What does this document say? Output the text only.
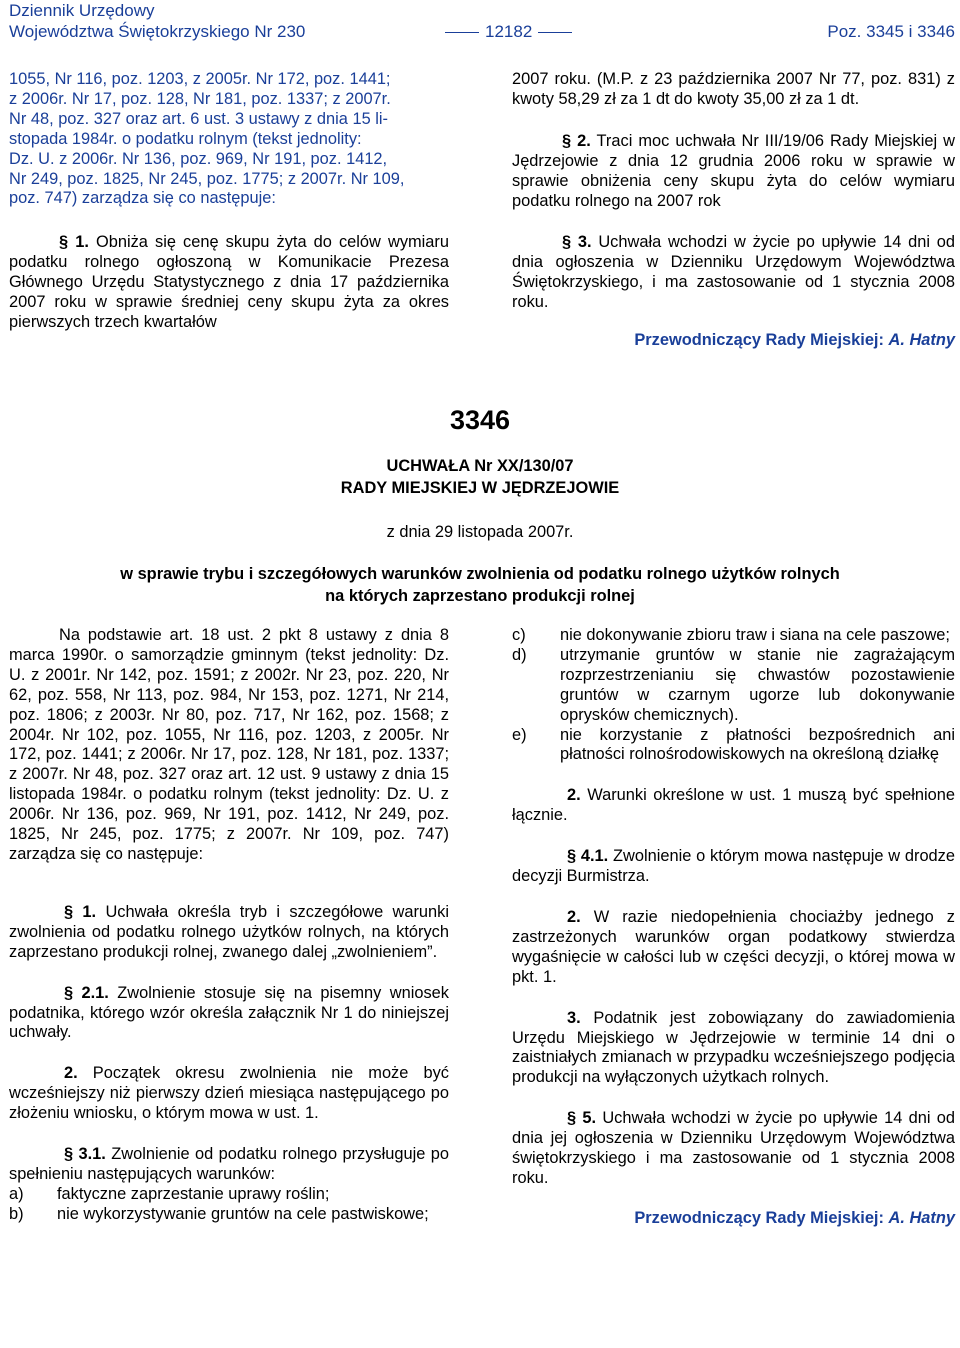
Dziennik Urzędowy
Województwa Świętokrzyskiego Nr 230	12182	Poz. 3345 i 3346
1055, Nr 116, poz. 1203, z 2005r. Nr 172, poz. 1441;
z 2006r. Nr 17, poz. 128, Nr 181, poz. 1337; z 2007r.
Nr 48, poz. 327 oraz art. 6 ust. 3 ustawy z dnia 15 li-
stopada 1984r. o podatku rolnym (tekst jednolity:
Dz. U. z 2006r. Nr 136, poz. 969, Nr 191, poz. 1412,
Nr 249, poz. 1825, Nr 245, poz. 1775; z 2007r. Nr 109,
poz. 747) zarządza się co następuje:

§ 1. Obniża się cenę skupu żyta do celów wymiaru podatku rolnego ogłoszoną w Komunikacie Prezesa Głównego Urzędu Statystycznego z dnia 17 października 2007 roku w sprawie średniej ceny skupu żyta za okres pierwszych trzech kwartałów

2007 roku. (M.P. z 23 października 2007 Nr 77, poz. 831) z kwoty 58,29 zł za 1 dt do kwoty 35,00 zł za 1 dt.

§ 2. Traci moc uchwała Nr III/19/06 Rady Miejskiej w Jędrzejowie z dnia 12 grudnia 2006 roku w sprawie w sprawie obniżenia ceny skupu żyta do celów wymiaru podatku rolnego na 2007 rok

§ 3. Uchwała wchodzi w życie po upływie 14 dni od dnia ogłoszenia w Dzienniku Urzędowym Województwa Świętokrzyskiego, i ma zastosowanie od 1 stycznia 2008 roku.

Przewodniczący Rady Miejskiej: A. Hatny
3346
UCHWAŁA Nr XX/130/07
RADY MIEJSKIEJ W JĘDRZEJOWIE
z dnia 29 listopada 2007r.
w sprawie trybu i szczegółowych warunków zwolnienia od podatku rolnego użytków rolnych
na których zaprzestano produkcji rolnej

Na podstawie art. 18 ust. 2 pkt 8 ustawy z dnia 8 marca 1990r. o samorządzie gminnym (tekst jednolity: Dz. U. z 2001r. Nr 142, poz. 1591; z 2002r. Nr 23, poz. 220, Nr 62, poz. 558, Nr 113, poz. 984, Nr 153, poz. 1271, Nr 214, poz. 1806; z 2003r. Nr 80, poz. 717, Nr 162, poz. 1568; z 2004r. Nr 102, poz. 1055, Nr 116, poz. 1203, z 2005r. Nr 172, poz. 1441; z 2006r. Nr 17, poz. 128, Nr 181, poz. 1337; z 2007r. Nr 48, poz. 327 oraz art. 12 ust. 9 ustawy z dnia 15 listopada 1984r. o podatku rolnym (tekst jednolity: Dz. U. z 2006r. Nr 136, poz. 969, Nr 191, poz. 1412, Nr 249, poz. 1825, Nr 245, poz. 1775; z 2007r. Nr 109, poz. 747) zarządza się co następuje:

§ 1. Uchwała określa tryb i szczegółowe warunki zwolnienia od podatku rolnego użytków rolnych, na których zaprzestano produkcji rolnej, zwanego dalej „zwolnieniem”.

§ 2.1. Zwolnienie stosuje się na pisemny wniosek podatnika, którego wzór określa załącznik Nr 1 do niniejszej uchwały.

2. Początek okresu zwolnienia nie może być wcześniejszy niż pierwszy dzień miesiąca następującego po złożeniu wniosku, o którym mowa w ust. 1.

§ 3.1. Zwolnienie od podatku rolnego przysługuje po spełnieniu następujących warunków:

a)	faktyczne zaprzestanie uprawy roślin;
b)	nie wykorzystywanie gruntów na cele pastwiskowe;
c)	nie dokonywanie zbioru traw i siana na cele paszowe;
d)	utrzymanie gruntów w stanie nie zagrażającym rozprzestrzenianiu się chwastów pozostawienie gruntów w czarnym ugorze lub dokonywanie oprysków chemicznych).
e)	nie korzystanie z płatności bezpośrednich ani płatności rolnośrodowiskowych na określoną działkę

2. Warunki określone w ust. 1 muszą być spełnione łącznie.

§ 4.1. Zwolnienie o którym mowa następuje w drodze decyzji Burmistrza.

2. W razie niedopełnienia chociażby jednego z zastrzeżonych warunków organ podatkowy stwierdza wygaśnięcie w całości lub w części decyzji, o której mowa w pkt. 1.

3. Podatnik jest zobowiązany do zawiadomienia Urzędu Miejskiego w Jędrzejowie w terminie 14 dni o zaistniałych zmianach w przypadku wcześniejszego podjęcia produkcji na wyłączonych użytkach rolnych.

§ 5. Uchwała wchodzi w życie po upływie 14 dni od dnia jej ogłoszenia w Dzienniku Urzędowym Województwa świętokrzyskiego i ma zastosowanie od 1 stycznia 2008 roku.

Przewodniczący Rady Miejskiej: A. Hatny
